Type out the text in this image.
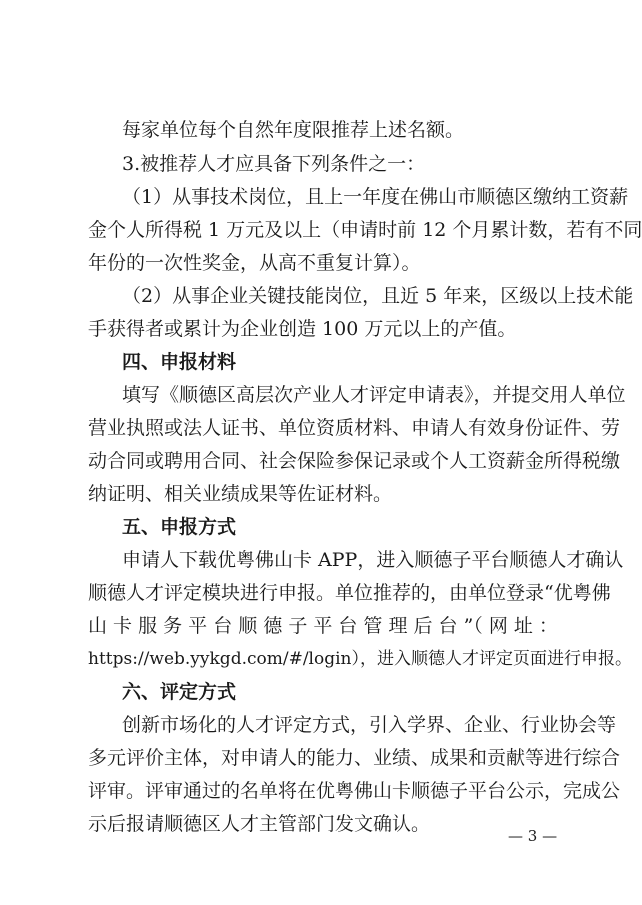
每家单位每个自然年度限推荐上述名额。
3.被推荐人才应具备下列条件之一：
（1）从事技术岗位，且上一年度在佛山市顺德区缴纳工资薪
金个人所得税 1 万元及以上（申请时前 12 个月累计数，若有不同
年份的一次性奖金，从高不重复计算）。
（2）从事企业关键技能岗位，且近 5 年来，区级以上技术能
手获得者或累计为企业创造 100 万元以上的产值。
四、申报材料
填写《顺德区高层次产业人才评定申请表》，并提交用人单位
营业执照或法人证书、单位资质材料、申请人有效身份证件、劳
动合同或聘用合同、社会保险参保记录或个人工资薪金所得税缴
纳证明、相关业绩成果等佐证材料。
五、申报方式
申请人下载优粤佛山卡 APP，进入顺德子平台顺德人才确认
顺德人才评定模块进行申报。单位推荐的，由单位登录“优粤佛
山 卡 服 务 平 台 顺 德 子 平 台 管 理 后 台 ”（ 网 址 ：
https://web.yykgd.com/#/login），进入顺德人才评定页面进行申报。
六、评定方式
创新市场化的人才评定方式，引入学界、企业、行业协会等
多元评价主体，对申请人的能力、业绩、成果和贡献等进行综合
评审。评审通过的名单将在优粤佛山卡顺德子平台公示，完成公
示后报请顺德区人才主管部门发文确认。
— 3 —
